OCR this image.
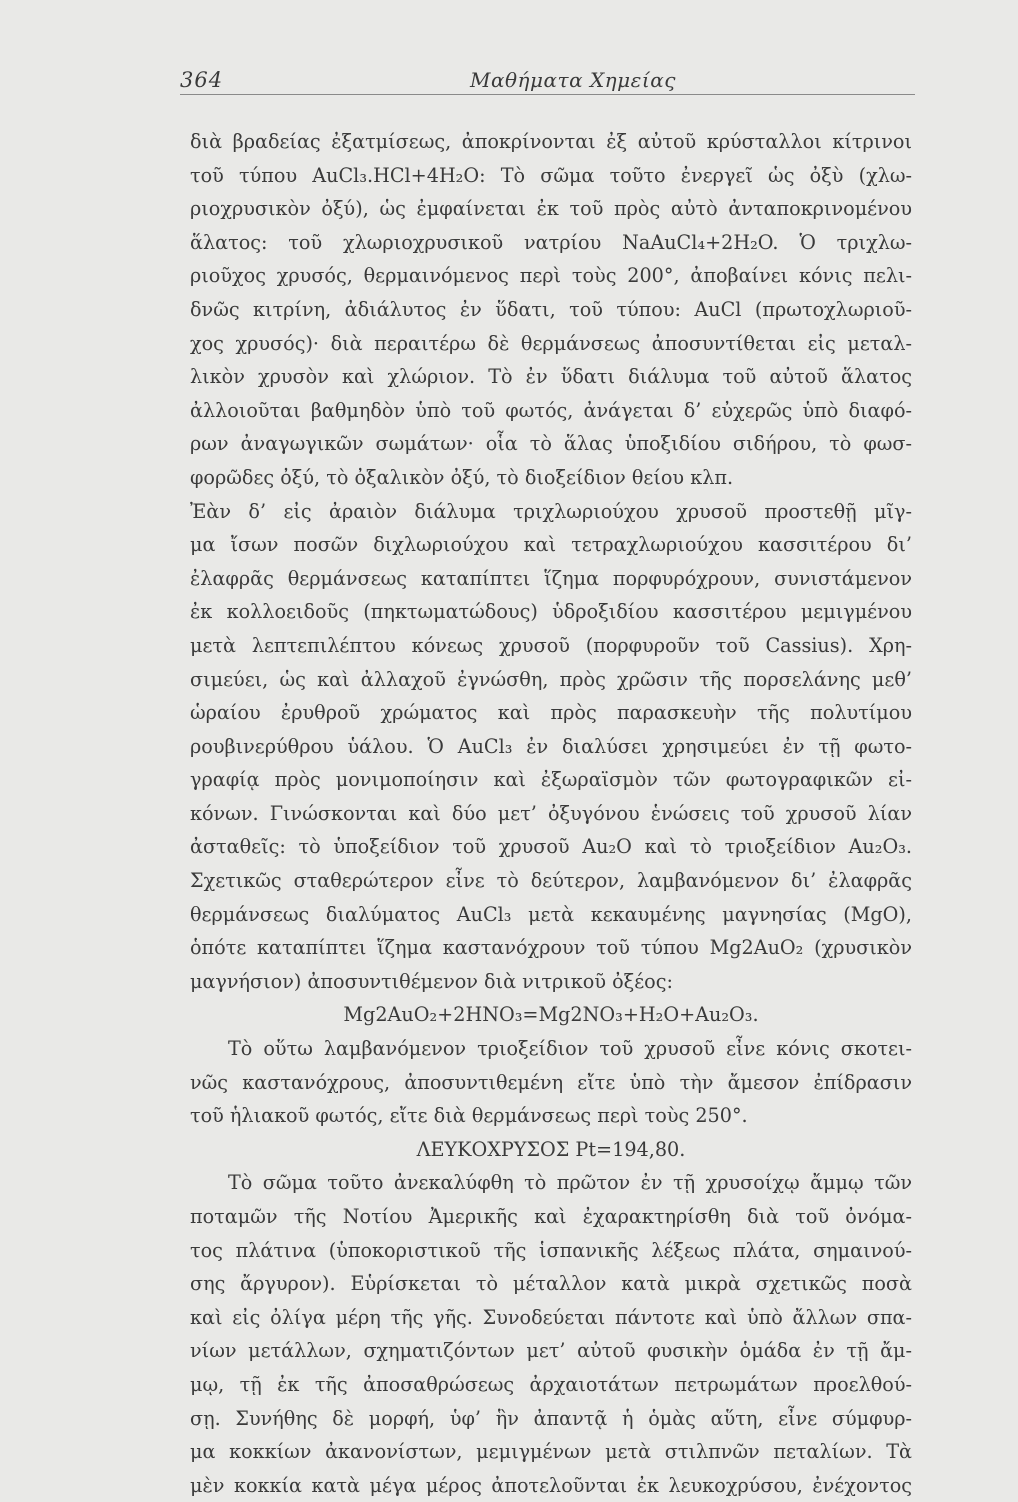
364	Μαθήματα Χημείας
διὰ βραδείας ἐξατμίσεως, ἀποκρίνονται ἐξ αὐτοῦ κρύσταλλοι κίτρινοι
τοῦ τύπου AuCl₃.HCl+4H₂O: Τὸ σῶμα τοῦτο ἐνεργεῖ ὡς ὀξὺ (χλω-
ριοχρυσικὸν ὀξύ), ὡς ἐμφαίνεται ἐκ τοῦ πρὸς αὐτὸ ἀνταποκρινομένου
ἅλατος: τοῦ χλωριοχρυσικοῦ νατρίου NaAuCl₄+2H₂O. Ὁ τριχλω-
ριοῦχος χρυσός, θερμαινόμενος περὶ τοὺς 200°, ἀποβαίνει κόνις πελι-
δνῶς κιτρίνη, ἀδιάλυτος ἐν ὕδατι, τοῦ τύπου: AuCl (πρωτοχλωριοῦ-
χος χρυσός)· διὰ περαιτέρω δὲ θερμάνσεως ἀποσυντίθεται εἰς μεταλ-
λικὸν χρυσὸν καὶ χλώριον. Τὸ ἐν ὕδατι διάλυμα τοῦ αὐτοῦ ἅλατος
ἀλλοιοῦται βαθμηδὸν ὑπὸ τοῦ φωτός, ἀνάγεται δ’ εὐχερῶς ὑπὸ διαφό-
ρων ἀναγωγικῶν σωμάτων· οἷα τὸ ἅλας ὑποξιδίου σιδήρου, τὸ φωσ-
φορῶδες ὀξύ, τὸ ὀξαλικὸν ὀξύ, τὸ διοξείδιον θείου κλπ.
Ἐὰν δ’ εἰς ἀραιὸν διάλυμα τριχλωριούχου χρυσοῦ προστεθῇ μῖγ-
μα ἴσων ποσῶν διχλωριούχου καὶ τετραχλωριούχου κασσιτέρου δι’
ἐλαφρᾶς θερμάνσεως καταπίπτει ἵζημα πορφυρόχρουν, συνιστάμενον
ἐκ κολλοειδοῦς (πηκτωματώδους) ὑδροξιδίου κασσιτέρου μεμιγμένου
μετὰ λεπτεπιλέπτου κόνεως χρυσοῦ (πορφυροῦν τοῦ Cassius). Χρη-
σιμεύει, ὡς καὶ ἀλλαχοῦ ἐγνώσθη, πρὸς χρῶσιν τῆς πορσελάνης μεθ’
ὡραίου ἐρυθροῦ χρώματος καὶ πρὸς παρασκευὴν τῆς πολυτίμου
ρουβινερύθρου ὑάλου. Ὁ AuCl₃ ἐν διαλύσει χρησιμεύει ἐν τῇ φωτο-
γραφίᾳ πρὸς μονιμοποίησιν καὶ ἐξωραϊσμὸν τῶν φωτογραφικῶν εἰ-
κόνων. Γινώσκονται καὶ δύο μετ’ ὀξυγόνου ἑνώσεις τοῦ χρυσοῦ λίαν
ἀσταθεῖς: τὸ ὑποξείδιον τοῦ χρυσοῦ Au₂O καὶ τὸ τριοξείδιον Au₂O₃.
Σχετικῶς σταθερώτερον εἶνε τὸ δεύτερον, λαμβανόμενον δι’ ἐλαφρᾶς
θερμάνσεως διαλύματος AuCl₃ μετὰ κεκαυμένης μαγνησίας (MgO),
ὁπότε καταπίπτει ἵζημα καστανόχρουν τοῦ τύπου Mg2AuO₂ (χρυσικὸν
μαγνήσιον) ἀποσυντιθέμενον διὰ νιτρικοῦ ὀξέος:
Mg2AuO₂+2HNO₃=Mg2NO₃+H₂O+Au₂O₃.
Τὸ οὕτω λαμβανόμενον τριοξείδιον τοῦ χρυσοῦ εἶνε κόνις σκοτει-
νῶς καστανόχρους, ἀποσυντιθεμένη εἴτε ὑπὸ τὴν ἄμεσον ἐπίδρασιν
τοῦ ἡλιακοῦ φωτός, εἴτε διὰ θερμάνσεως περὶ τοὺς 250°.
ΛΕΥΚΟΧΡΥΣΟΣ Pt=194,80.
Τὸ σῶμα τοῦτο ἀνεκαλύφθη τὸ πρῶτον ἐν τῇ χρυσοίχῳ ἄμμῳ τῶν
ποταμῶν τῆς Νοτίου Ἀμερικῆς καὶ ἐχαρακτηρίσθη διὰ τοῦ ὀνόμα-
τος πλάτινα (ὑποκοριστικοῦ τῆς ἱσπανικῆς λέξεως πλάτα, σημαινού-
σης ἄργυρον). Εὑρίσκεται τὸ μέταλλον κατὰ μικρὰ σχετικῶς ποσὰ
καὶ εἰς ὀλίγα μέρη τῆς γῆς. Συνοδεύεται πάντοτε καὶ ὑπὸ ἄλλων σπα-
νίων μετάλλων, σχηματιζόντων μετ’ αὐτοῦ φυσικὴν ὁμάδα ἐν τῇ ἄμ-
μῳ, τῇ ἐκ τῆς ἀποσαθρώσεως ἀρχαιοτάτων πετρωμάτων προελθού-
σῃ. Συνήθης δὲ μορφή, ὑφ’ ἣν ἀπαντᾷ ἡ ὁμὰς αὕτη, εἶνε σύμφυρ-
μα κοκκίων ἀκανονίστων, μεμιγμένων μετὰ στιλπνῶν πεταλίων. Τὰ
μὲν κοκκία κατὰ μέγα μέρος ἀποτελοῦνται ἐκ λευκοχρύσου, ἐνέχοντος
